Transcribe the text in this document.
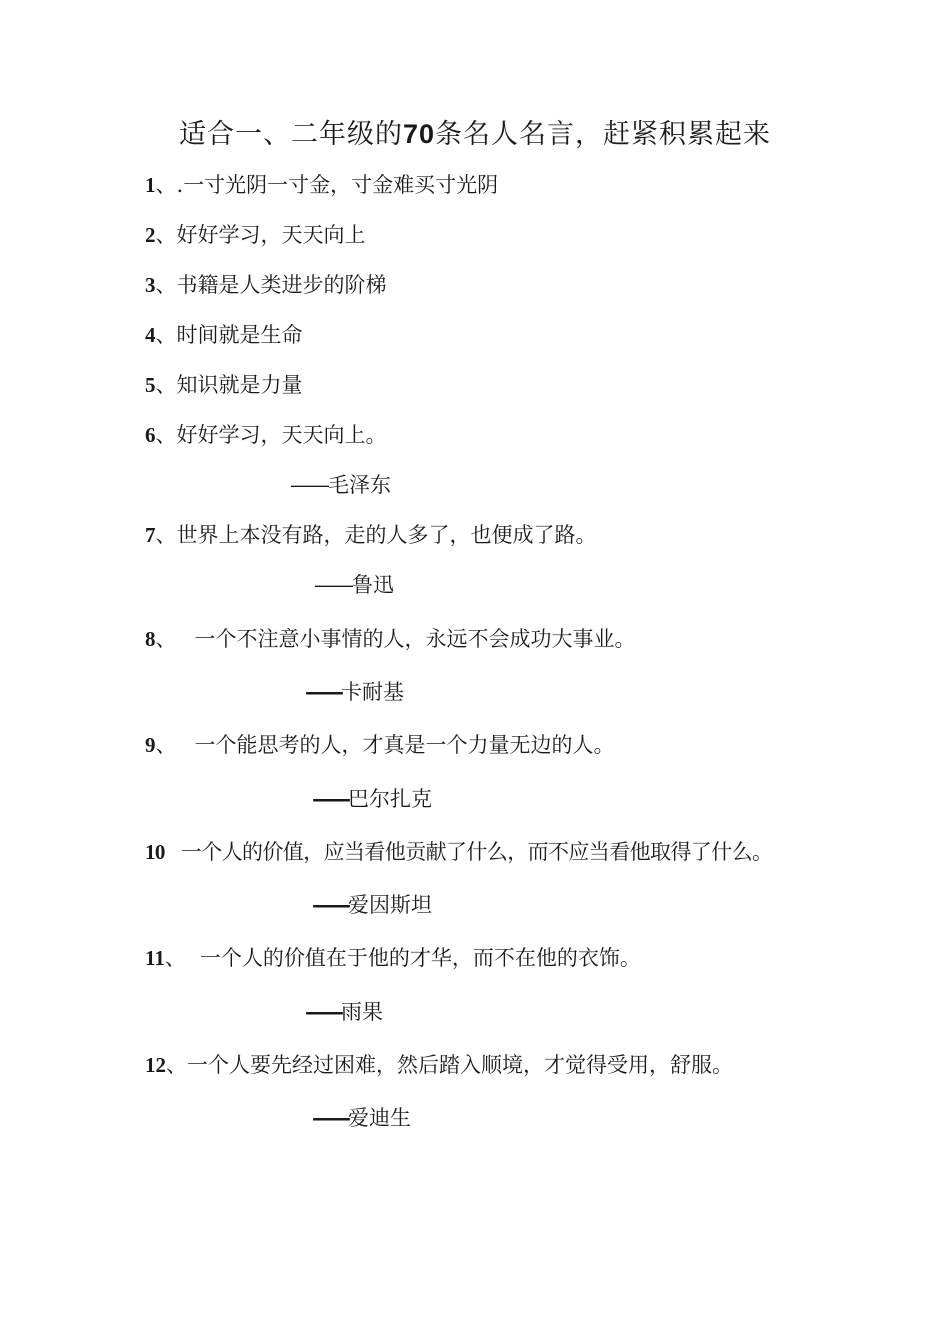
适合一、二年级的70条名人名言，赶紧积累起来
1、.一寸光阴一寸金，寸金难买寸光阴
2、好好学习，天天向上
3、书籍是人类进步的阶梯
4、时间就是生命
5、知识就是力量
6、好好学习，天天向上。
——毛泽东
7、世界上本没有路，走的人多了，也便成了路。
——鲁迅
8、 一个不注意小事情的人，永远不会成功大事业。
——卡耐基
9、 一个能思考的人，才真是一个力量无边的人。
——巴尔扎克
10 一个人的价值，应当看他贡献了什么，而不应当看他取得了什么。
——爱因斯坦
11、 一个人的价值在于他的才华，而不在他的衣饰。
——雨果
12、一个人要先经过困难，然后踏入顺境，才觉得受用，舒服。
——爱迪生
